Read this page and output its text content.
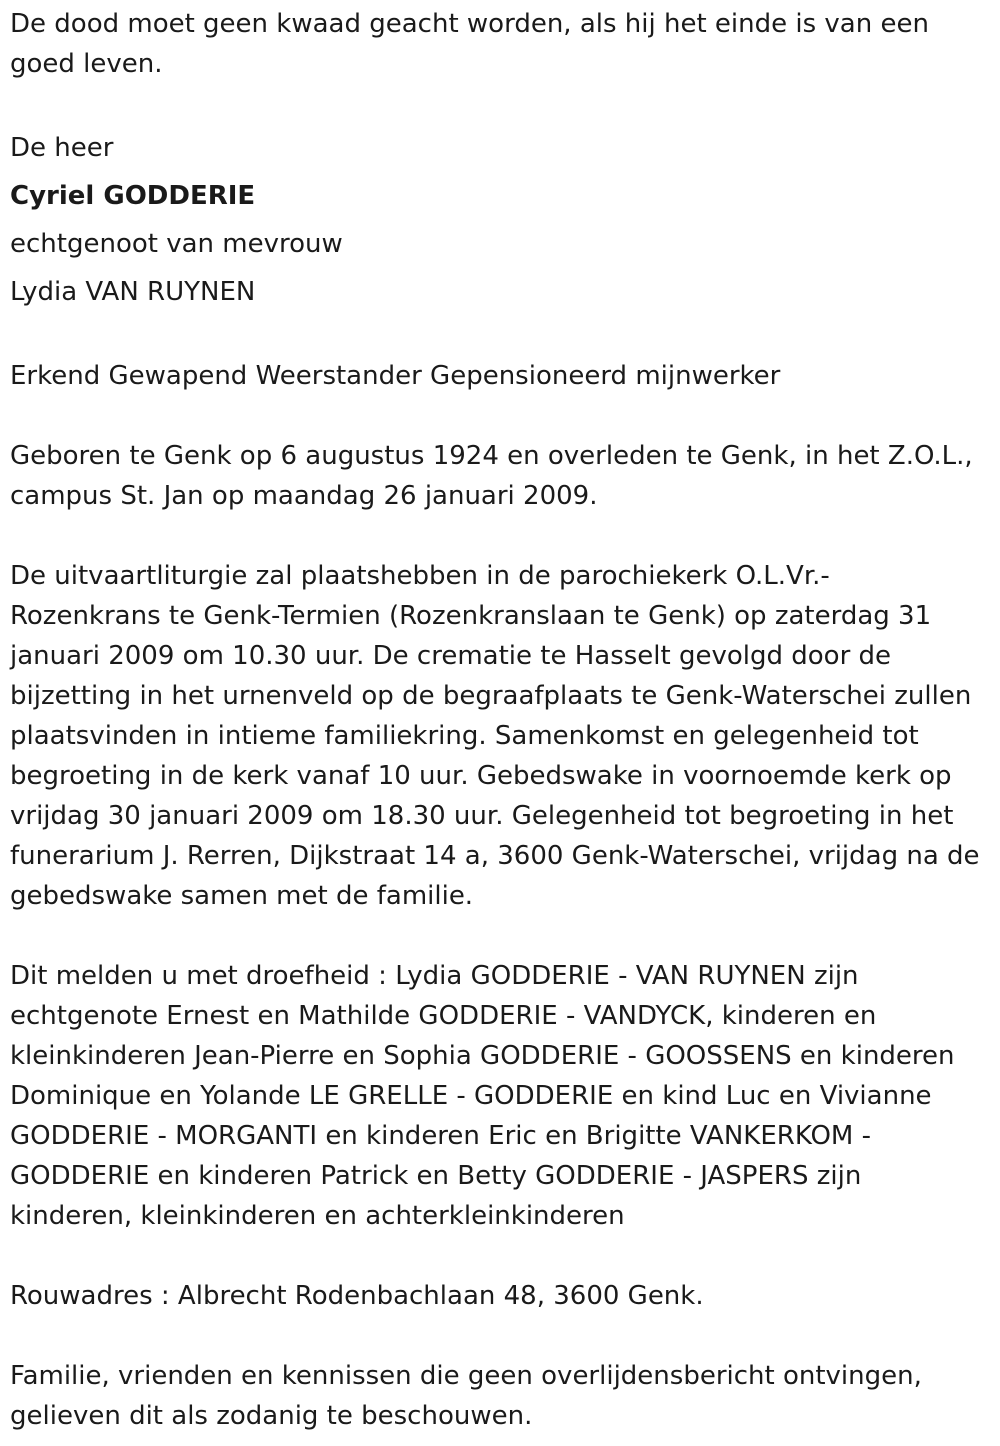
De dood moet geen kwaad geacht worden, als hij het einde is van een goed leven.

De heer

Cyriel GODDERIE

echtgenoot van mevrouw

Lydia VAN RUYNEN

Erkend Gewapend Weerstander Gepensioneerd mijnwerker

Geboren te Genk op 6 augustus 1924 en overleden te Genk, in het Z.O.L., campus St. Jan op maandag 26 januari 2009.

De uitvaartliturgie zal plaatshebben in de parochiekerk O.L.Vr.-Rozenkrans te Genk-Termien (Rozenkranslaan te Genk) op zaterdag 31 januari 2009 om 10.30 uur. De crematie te Hasselt gevolgd door de bijzetting in het urnenveld op de begraafplaats te Genk-Waterschei zullen plaatsvinden in intieme familiekring. Samenkomst en gelegenheid tot begroeting in de kerk vanaf 10 uur. Gebedswake in voornoemde kerk op vrijdag 30 januari 2009 om 18.30 uur. Gelegenheid tot begroeting in het funerarium J. Rerren, Dijkstraat 14 a, 3600 Genk-Waterschei, vrijdag na de gebedswake samen met de familie.

Dit melden u met droefheid : Lydia GODDERIE - VAN RUYNEN zijn echtgenote Ernest en Mathilde GODDERIE - VANDYCK, kinderen en kleinkinderen Jean-Pierre en Sophia GODDERIE - GOOSSENS en kinderen Dominique en Yolande LE GRELLE - GODDERIE en kind Luc en Vivianne GODDERIE - MORGANTI en kinderen Eric en Brigitte VANKERKOM - GODDERIE en kinderen Patrick en Betty GODDERIE - JASPERS zijn kinderen, kleinkinderen en achterkleinkinderen

Rouwadres : Albrecht Rodenbachlaan 48, 3600 Genk.

Familie, vrienden en kennissen die geen overlijdensbericht ontvingen, gelieven dit als zodanig te beschouwen.
